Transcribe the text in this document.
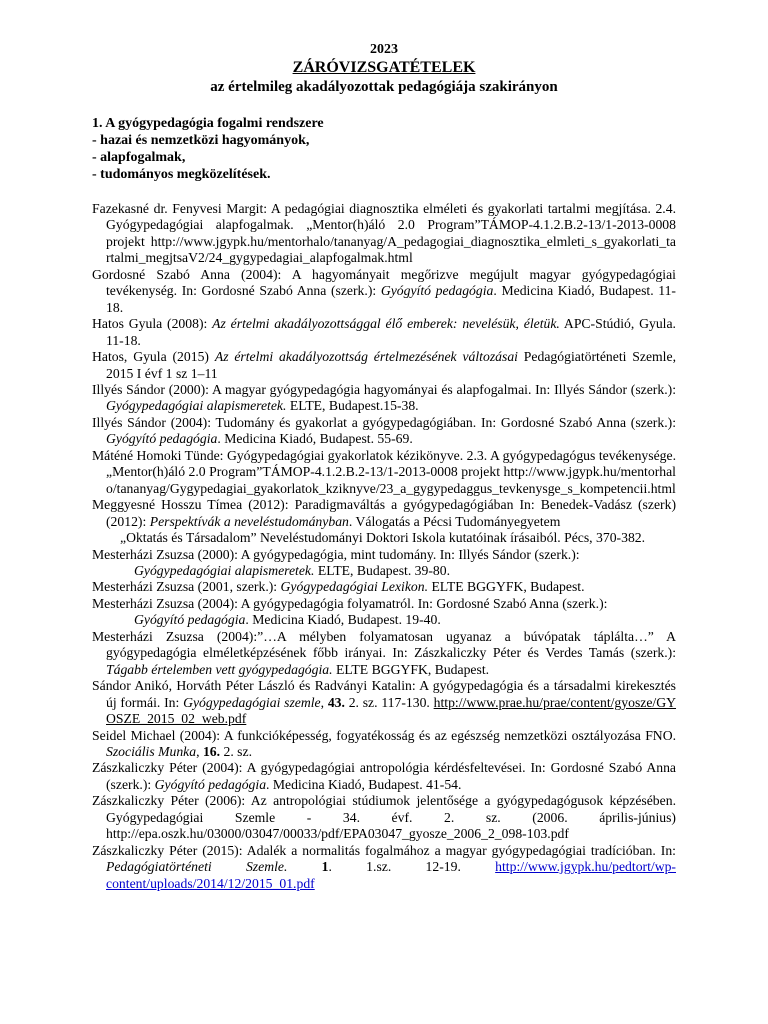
2023
ZÁRÓVIZSGATÉTELEK
az értelmileg akadályozottak pedagógiája szakirányon
1. A gyógypedagógia fogalmi rendszere
- hazai és nemzetközi hagyományok,
- alapfogalmak,
- tudományos megközelítések.
Fazekasné dr. Fenyvesi Margit: A pedagógiai diagnosztika elméleti és gyakorlati tartalmi megjítása. 2.4. Gyógypedagógiai alapfogalmak. „Mentor(h)áló 2.0 Program”TÁMOP-4.1.2.B.2-13/1-2013-0008 projekt http://www.jgypk.hu/mentorhalo/tananyag/A_pedagogiai_diagnosztika_elmleti_s_gyakorlati_tartalmi_megjtsaV2/24_gygypedagiai_alapfogalmak.html
Gordosné Szabó Anna (2004): A hagyományait megőrizve megújult magyar gyógypedagógiai tevékenység. In: Gordosné Szabó Anna (szerk.): Gyógyító pedagógia. Medicina Kiadó, Budapest. 11-18.
Hatos Gyula (2008): Az értelmi akadályozottsággal élő emberek: nevelésük, életük. APC-Stúdió, Gyula. 11-18.
Hatos, Gyula (2015) Az értelmi akadályozottság értelmezésének változásai Pedagógiatörténeti Szemle, 2015 I évf 1 sz 1–11
Illyés Sándor (2000): A magyar gyógypedagógia hagyományai és alapfogalmai. In: Illyés Sándor (szerk.): Gyógypedagógiai alapismeretek. ELTE, Budapest.15-38.
Illyés Sándor (2004): Tudomány és gyakorlat a gyógypedagógiában. In: Gordosné Szabó Anna (szerk.): Gyógyító pedagógia. Medicina Kiadó, Budapest. 55-69.
Máténé Homoki Tünde: Gyógypedagógiai gyakorlatok kézikönyve. 2.3. A gyógypedagógus tevékenysége. „Mentor(h)áló 2.0 Program”TÁMOP-4.1.2.B.2-13/1-2013-0008 projekt http://www.jgypk.hu/mentorhalo/tananyag/Gygypedagiai_gyakorlatok_kziknyve/23_a_gygypedaggus_tevkenysge_s_kompetencii.html
Meggyesné Hosszu Tímea (2012): Paradigmaváltás a gyógypedagógiában In: Benedek-Vadász (szerk) (2012): Perspektívák a neveléstudományban. Válogatás a Pécsi Tudományegyetem
„Oktatás és Társadalom” Neveléstudományi Doktori Iskola kutatóinak írásaiból. Pécs, 370-382.
Mesterházi Zsuzsa (2000): A gyógypedagógia, mint tudomány. In: Illyés Sándor (szerk.):
Gyógypedagógiai alapismeretek. ELTE, Budapest. 39-80.
Mesterházi Zsuzsa (2001, szerk.): Gyógypedagógiai Lexikon. ELTE BGGYFK, Budapest.
Mesterházi Zsuzsa (2004): A gyógypedagógia folyamatról. In: Gordosné Szabó Anna (szerk.):
Gyógyító pedagógia. Medicina Kiadó, Budapest. 19-40.
Mesterházi Zsuzsa (2004):”…A mélyben folyamatosan ugyanaz a búvópatak táplálta…” A gyógypedagógia elméletképzésének főbb irányai. In: Zászkaliczky Péter és Verdes Tamás (szerk.): Tágabb értelemben vett gyógypedagógia. ELTE BGGYFK, Budapest.
Sándor Anikó, Horváth Péter László és Radványi Katalin: A gyógypedagógia és a társadalmi kirekesztés új formái. In: Gyógypedagógiai szemle, 43. 2. sz. 117-130. http://www.prae.hu/prae/content/gyosze/GYOSZE_2015_02_web.pdf
Seidel Michael (2004): A funkcióképesség, fogyatékosság és az egészség nemzetközi osztályozása FNO. Szociális Munka, 16. 2. sz.
Zászkaliczky Péter (2004): A gyógypedagógiai antropológia kérdésfeltevései. In: Gordosné Szabó Anna (szerk.): Gyógyító pedagógia. Medicina Kiadó, Budapest. 41-54.
Zászkaliczky Péter (2006): Az antropológiai stúdiumok jelentősége a gyógypedagógusok képzésében. Gyógypedagógiai Szemle - 34. évf. 2. sz. (2006. április-június) http://epa.oszk.hu/03000/03047/00033/pdf/EPA03047_gyosze_2006_2_098-103.pdf
Zászkaliczky Péter (2015): Adalék a normalitás fogalmához a magyar gyógypedagógiai tradícióban. In: Pedagógiatörténeti Szemle.	1. 1.sz. 12-19. http://www.jgypk.hu/pedtort/wp- content/uploads/2014/12/2015_01.pdf
